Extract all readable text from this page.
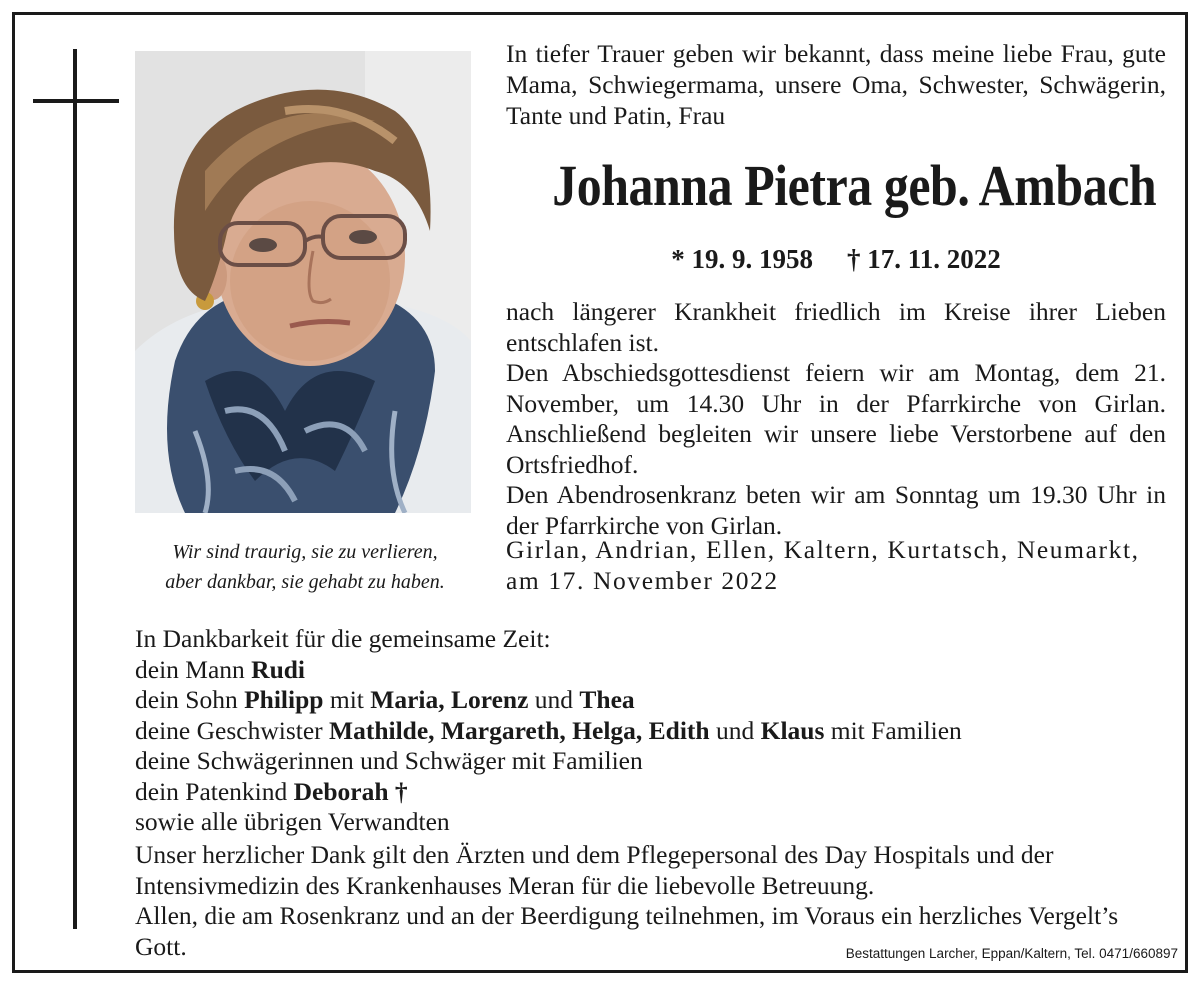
Wir sind traurig, sie zu verlieren,
aber dankbar, sie gehabt zu haben.
In tiefer Trauer geben wir bekannt, dass meine liebe Frau, gute Mama, Schwiegermama, unsere Oma, Schwester, Schwägerin, Tante und Patin, Frau
Johanna Pietra geb. Ambach
* 19. 9. 1958 † 17. 11. 2022

nach längerer Krankheit friedlich im Kreise ihrer Lieben entschlafen ist.

Den Abschiedsgottesdienst feiern wir am Montag, dem 21. November, um 14.30 Uhr in der Pfarrkirche von Girlan. Anschließend begleiten wir unsere liebe Verstorbene auf den Ortsfriedhof.

Den Abendrosenkranz beten wir am Sonntag um 19.30 Uhr in der Pfarrkirche von Girlan.

Girlan, Andrian, Ellen, Kaltern, Kurtatsch, Neumarkt, am 17. November 2022
In Dankbarkeit für die gemeinsame Zeit:
dein Mann Rudi
dein Sohn Philipp mit Maria, Lorenz und Thea
deine Geschwister Mathilde, Margareth, Helga, Edith und Klaus mit Familien
deine Schwägerinnen und Schwäger mit Familien
dein Patenkind Deborah †
sowie alle übrigen Verwandten

Unser herzlicher Dank gilt den Ärzten und dem Pflegepersonal des Day Hospitals und der Intensivmedizin des Krankenhauses Meran für die liebevolle Betreuung.

Allen, die am Rosenkranz und an der Beerdigung teilnehmen, im Voraus ein herzliches Vergelt’s Gott.	Bestattungen Larcher, Eppan/Kaltern, Tel. 0471/660897
